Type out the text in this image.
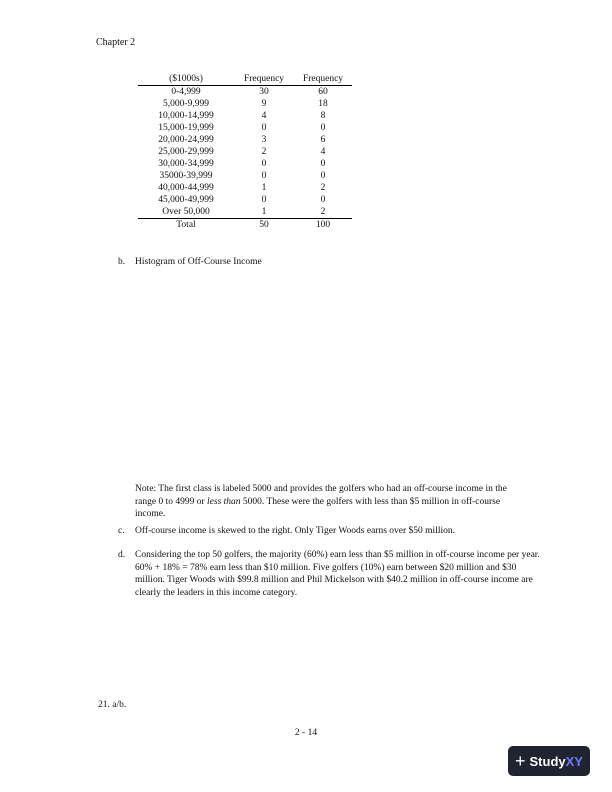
Chapter 2
($1000s)	Frequency	Frequency
0-4,999	30	60
5,000-9,999	9	18
10,000-14,999	4	8
15,000-19,999	0	0
20,000-24,999	3	6
25,000-29,999	2	4
30,000-34,999	0	0
35000-39,999	0	0
40,000-44,999	1	2
45,000-49,999	0	0
Over 50,000	1	2
Total	50	100
b. Histogram of Off-Course Income
Note: The first class is labeled 5000 and provides the golfers who had an off-course income in the range 0 to 4999 or less than 5000. These were the golfers with less than $5 million in off-course income.
c. Off-course income is skewed to the right. Only Tiger Woods earns over $50 million.
d. Considering the top 50 golfers, the majority (60%) earn less than $5 million in off-course income per year. 60% + 18% = 78% earn less than $10 million. Five golfers (10%) earn between $20 million and $30 million. Tiger Woods with $99.8 million and Phil Mickelson with $40.2 million in off-course income are clearly the leaders in this income category.
21. a/b.
2 - 14
+ Study XY
